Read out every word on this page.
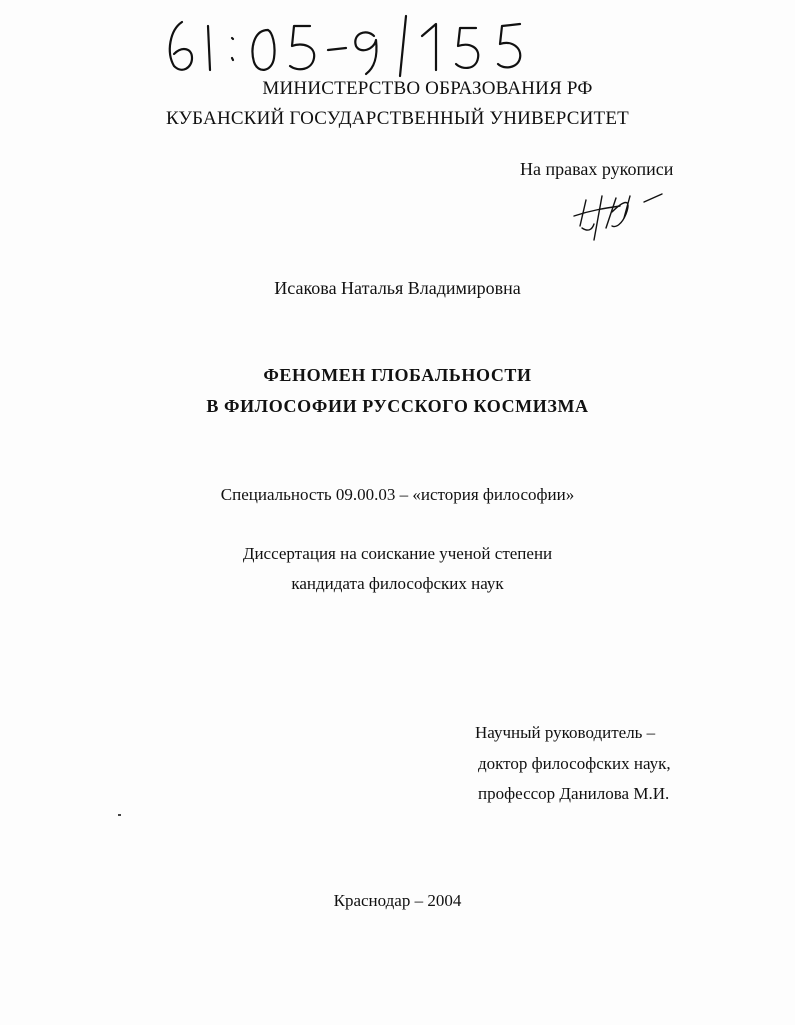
МИНИСТЕРСТВО ОБРАЗОВАНИЯ РФ
КУБАНСКИЙ ГОСУДАРСТВЕННЫЙ УНИВЕРСИТЕТ
На правах рукописи
Исакова Наталья Владимировна
ФЕНОМЕН ГЛОБАЛЬНОСТИ
В ФИЛОСОФИИ РУССКОГО КОСМИЗМА
Специальность 09.00.03 – «история философии»
Диссертация на соискание ученой степени
кандидата философских наук
Научный руководитель –
доктор философских наук,
профессор Данилова М.И.
Краснодар – 2004
